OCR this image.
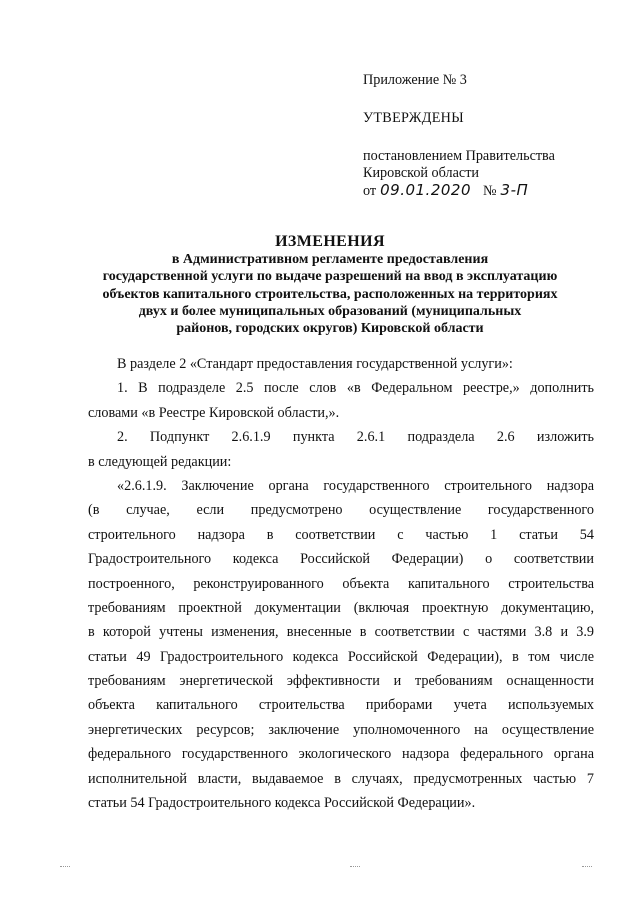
Приложение № 3
УТВЕРЖДЕНЫ
постановлением Правительства
Кировской области
от 09.01.2020 № 3-П
ИЗМЕНЕНИЯ
в Административном регламенте предоставления
государственной услуги по выдаче разрешений на ввод в эксплуатацию
объектов капитального строительства, расположенных на территориях
двух и более муниципальных образований (муниципальных
районов, городских округов) Кировской области
В разделе 2 «Стандарт предоставления государственной услуги»:
1. В подразделе 2.5 после слов «в Федеральном реестре,» дополнить
словами «в Реестре Кировской области,».
2. Подпункт 2.6.1.9 пункта 2.6.1 подраздела 2.6 изложить
в следующей редакции:
«2.6.1.9. Заключение органа государственного строительного надзора
(в случае, если предусмотрено осуществление государственного
строительного надзора в соответствии с частью 1 статьи 54
Градостроительного кодекса Российской Федерации) о соответствии
построенного, реконструированного объекта капитального строительства
требованиям проектной документации (включая проектную документацию,
в которой учтены изменения, внесенные в соответствии с частями 3.8 и 3.9
статьи 49 Градостроительного кодекса Российской Федерации), в том числе
требованиям энергетической эффективности и требованиям оснащенности
объекта капитального строительства приборами учета используемых
энергетических ресурсов; заключение уполномоченного на осуществление
федерального государственного экологического надзора федерального органа
исполнительной власти, выдаваемое в случаях, предусмотренных частью 7
статьи 54 Градостроительного кодекса Российской Федерации».
